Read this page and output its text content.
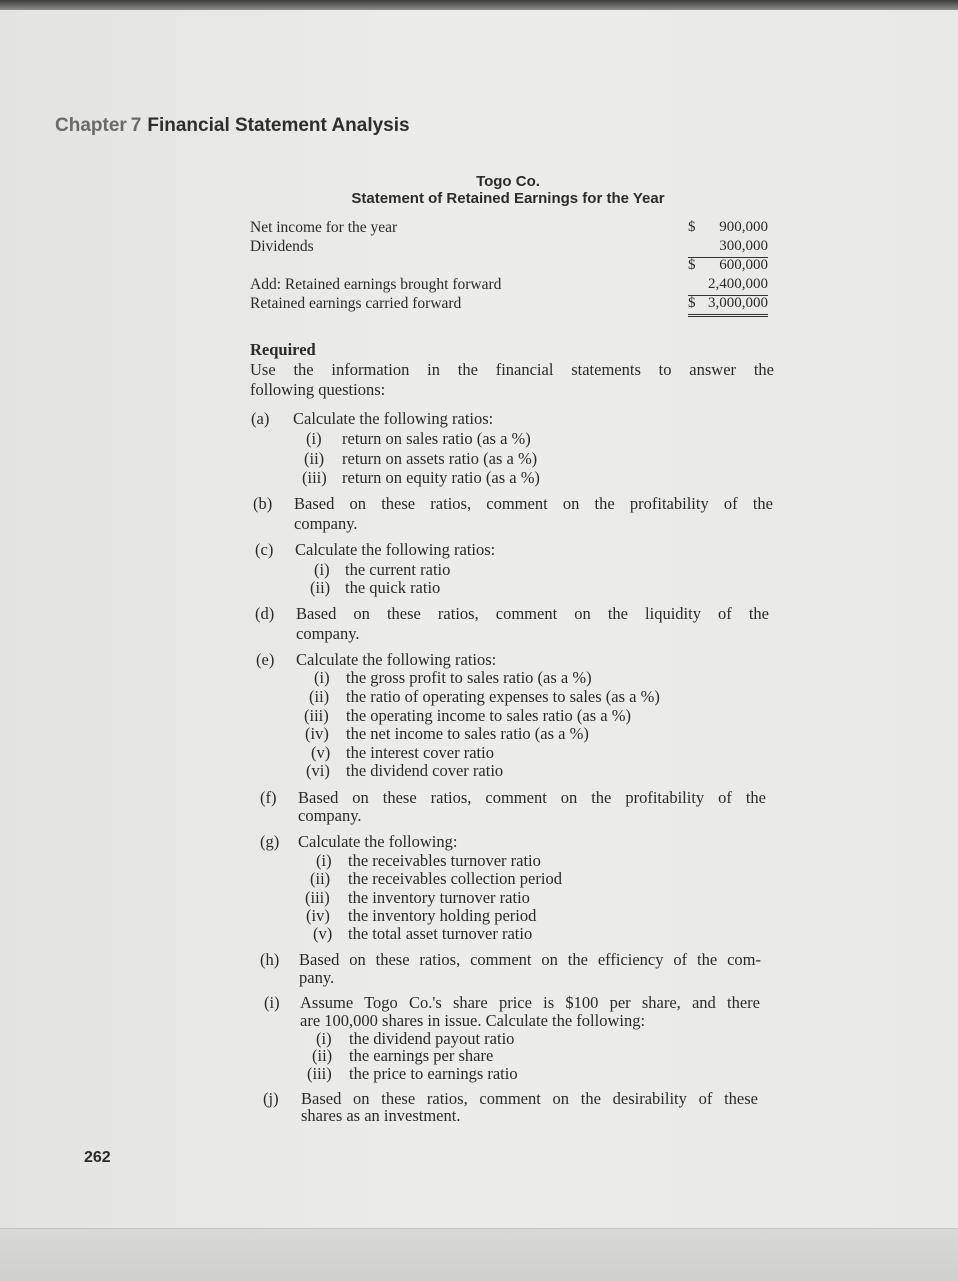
Chapter 7 Financial Statement Analysis
Togo Co.
Statement of Retained Earnings for the Year
Net income for the year	$ 900,000
Dividends	300,000
$ 600,000
Add: Retained earnings brought forward	2,400,000
Retained earnings carried forward	$ 3,000,000
Required
Use the information in the financial statements to answer the
following questions:
(a) Calculate the following ratios:
(i) return on sales ratio (as a %)
(ii) return on assets ratio (as a %)
(iii) return on equity ratio (as a %)
(b) Based on these ratios, comment on the profitability of the
company.
(c) Calculate the following ratios:
(i) the current ratio
(ii) the quick ratio
(d) Based on these ratios, comment on the liquidity of the
company.
(e) Calculate the following ratios:
(i) the gross profit to sales ratio (as a %)
(ii) the ratio of operating expenses to sales (as a %)
(iii) the operating income to sales ratio (as a %)
(iv) the net income to sales ratio (as a %)
(v) the interest cover ratio
(vi) the dividend cover ratio
(f) Based on these ratios, comment on the profitability of the
company.
(g) Calculate the following:
(i) the receivables turnover ratio
(ii) the receivables collection period
(iii) the inventory turnover ratio
(iv) the inventory holding period
(v) the total asset turnover ratio
(h) Based on these ratios, comment on the efficiency of the com-
pany.
(i) Assume Togo Co.'s share price is $100 per share, and there
are 100,000 shares in issue. Calculate the following:
(i) the dividend payout ratio
(ii) the earnings per share
(iii) the price to earnings ratio
(j) Based on these ratios, comment on the desirability of these
shares as an investment.
262
